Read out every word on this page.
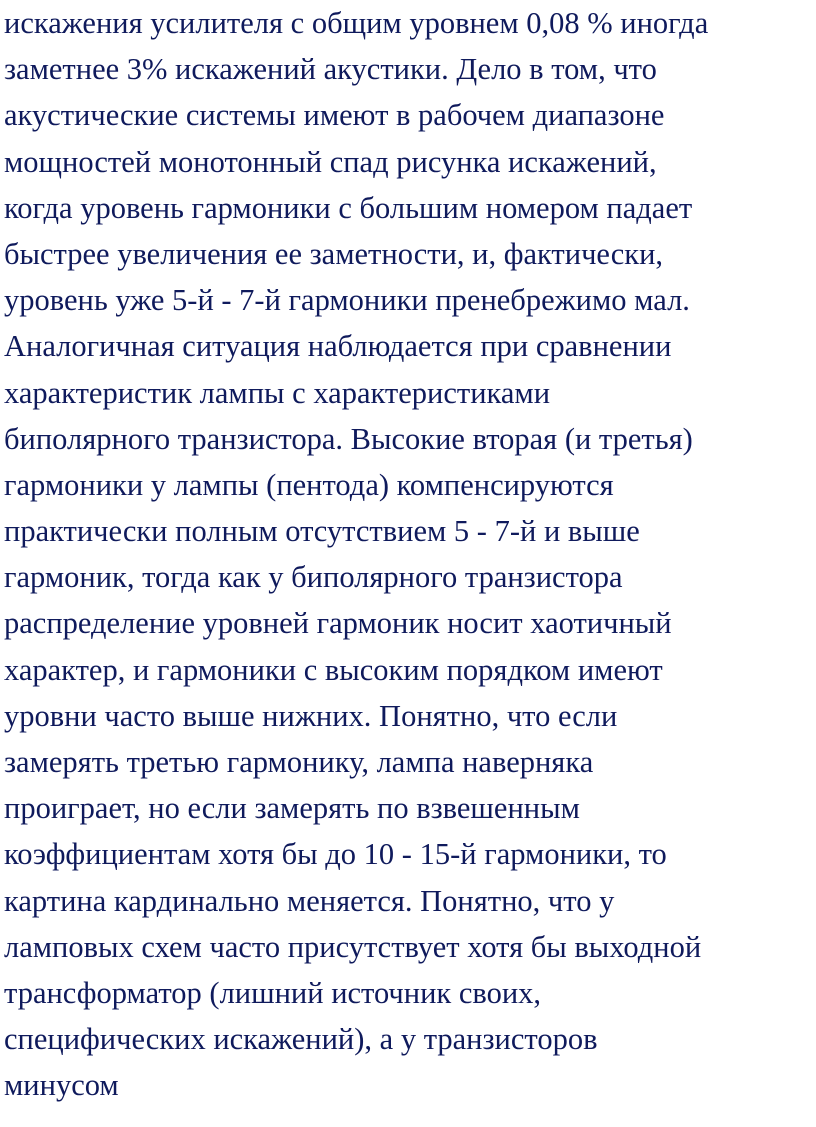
искажения усилителя с общим уровнем 0,08 % иногда
заметнее 3% искажений акустики. Дело в том, что
акустические системы имеют в рабочем диапазоне
мощностей монотонный спад рисунка искажений,
когда уровень гармоники с большим номером падает
быстрее увеличения ее заметности, и, фактически,
уровень уже 5-й - 7-й гармоники пренебрежимо мал.
Аналогичная ситуация наблюдается при сравнении
характеристик лампы с характеристиками
биполярного транзистора. Высокие вторая (и третья)
гармоники у лампы (пентода) компенсируются
практически полным отсутствием 5 - 7-й и выше
гармоник, тогда как у биполярного транзистора
распределение уровней гармоник носит хаотичный
характер, и гармоники с высоким порядком имеют
уровни часто выше нижних. Понятно, что если
замерять третью гармонику, лампа наверняка
проиграет, но если замерять по взвешенным
коэффициентам хотя бы до 10 - 15-й гармоники, то
картина кардинально меняется. Понятно, что у
ламповых схем часто присутствует хотя бы выходной
трансформатор (лишний источник своих,
специфических искажений), а у транзисторов
минусом
